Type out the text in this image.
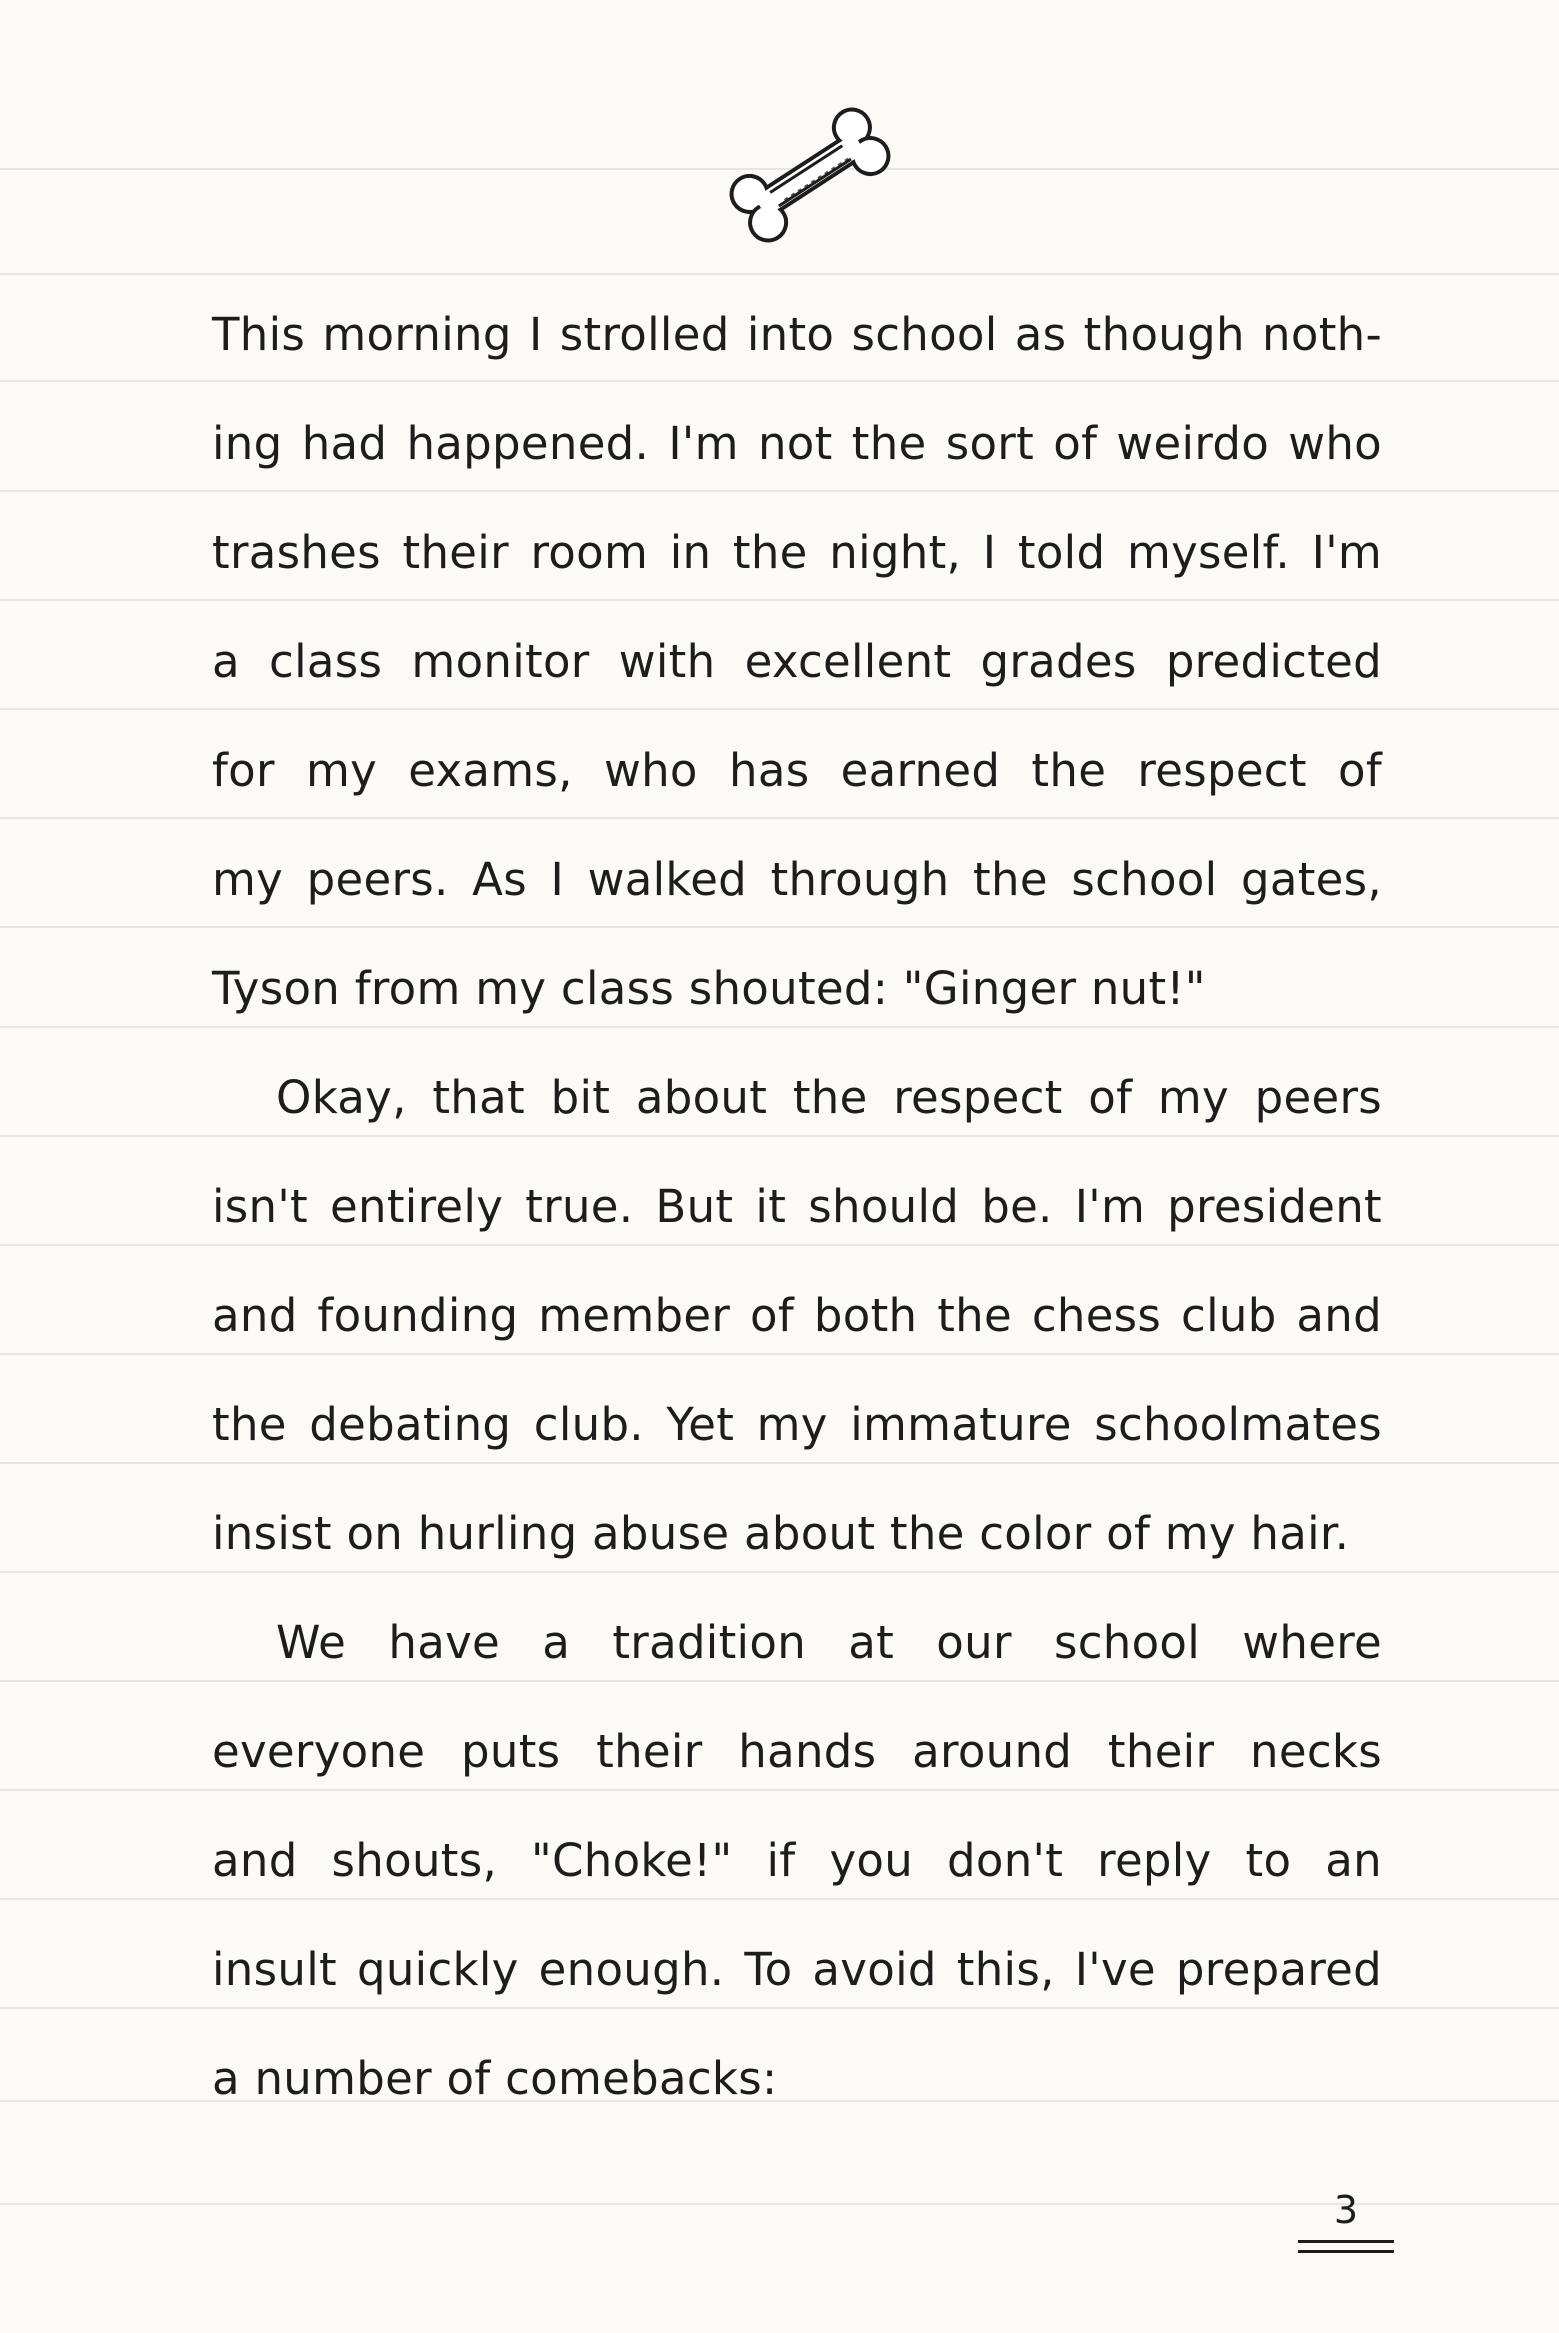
This morning I strolled into school as though noth-
ing had happened. I'm not the sort of weirdo who
trashes their room in the night, I told myself. I'm
a class monitor with excellent grades predicted
for my exams, who has earned the respect of
my peers. As I walked through the school gates,
Tyson from my class shouted: "Ginger nut!"
Okay, that bit about the respect of my peers
isn't entirely true. But it should be. I'm president
and founding member of both the chess club and
the debating club. Yet my immature schoolmates
insist on hurling abuse about the color of my hair.
We have a tradition at our school where
everyone puts their hands around their necks
and shouts, "Choke!" if you don't reply to an
insult quickly enough. To avoid this, I've prepared
a number of comebacks:
3
